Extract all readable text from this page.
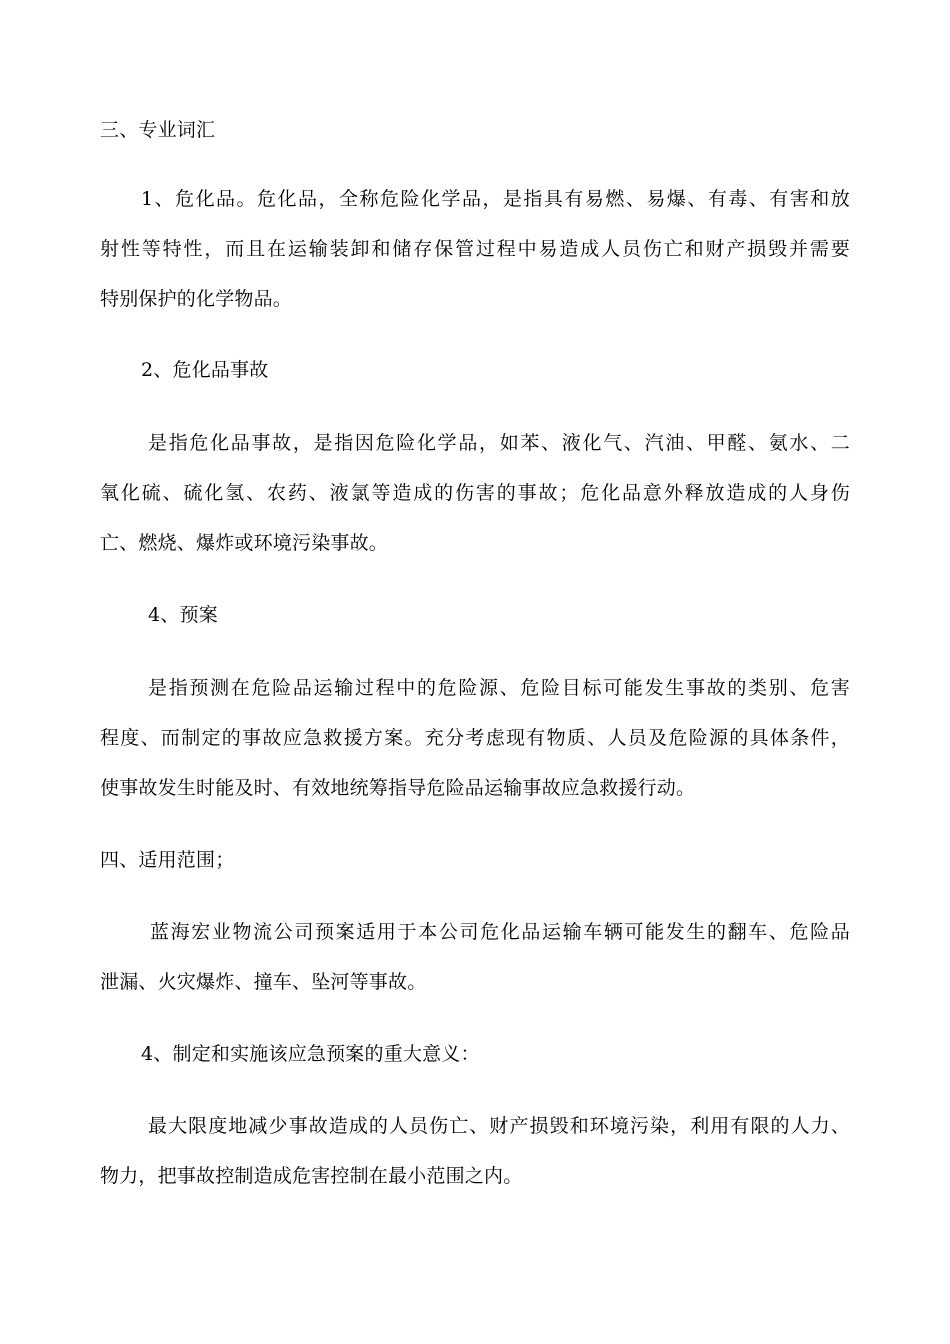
三、专业词汇
1、危化品。危化品，全称危险化学品，是指具有易燃、易爆、有毒、有害和放
射性等特性，而且在运输装卸和储存保管过程中易造成人员伤亡和财产损毁并需要
特别保护的化学物品。
2、危化品事故
是指危化品事故，是指因危险化学品，如苯、液化气、汽油、甲醛、氨水、二
氧化硫、硫化氢、农药、液氯等造成的伤害的事故；危化品意外释放造成的人身伤
亡、燃烧、爆炸或环境污染事故。
4、预案
是指预测在危险品运输过程中的危险源、危险目标可能发生事故的类别、危害
程度、而制定的事故应急救援方案。充分考虑现有物质、人员及危险源的具体条件，
使事故发生时能及时、有效地统筹指导危险品运输事故应急救援行动。
四、适用范围；
蓝海宏业物流公司预案适用于本公司危化品运输车辆可能发生的翻车、危险品
泄漏、火灾爆炸、撞车、坠河等事故。
4、制定和实施该应急预案的重大意义：
最大限度地减少事故造成的人员伤亡、财产损毁和环境污染，利用有限的人力、
物力，把事故控制造成危害控制在最小范围之内。
